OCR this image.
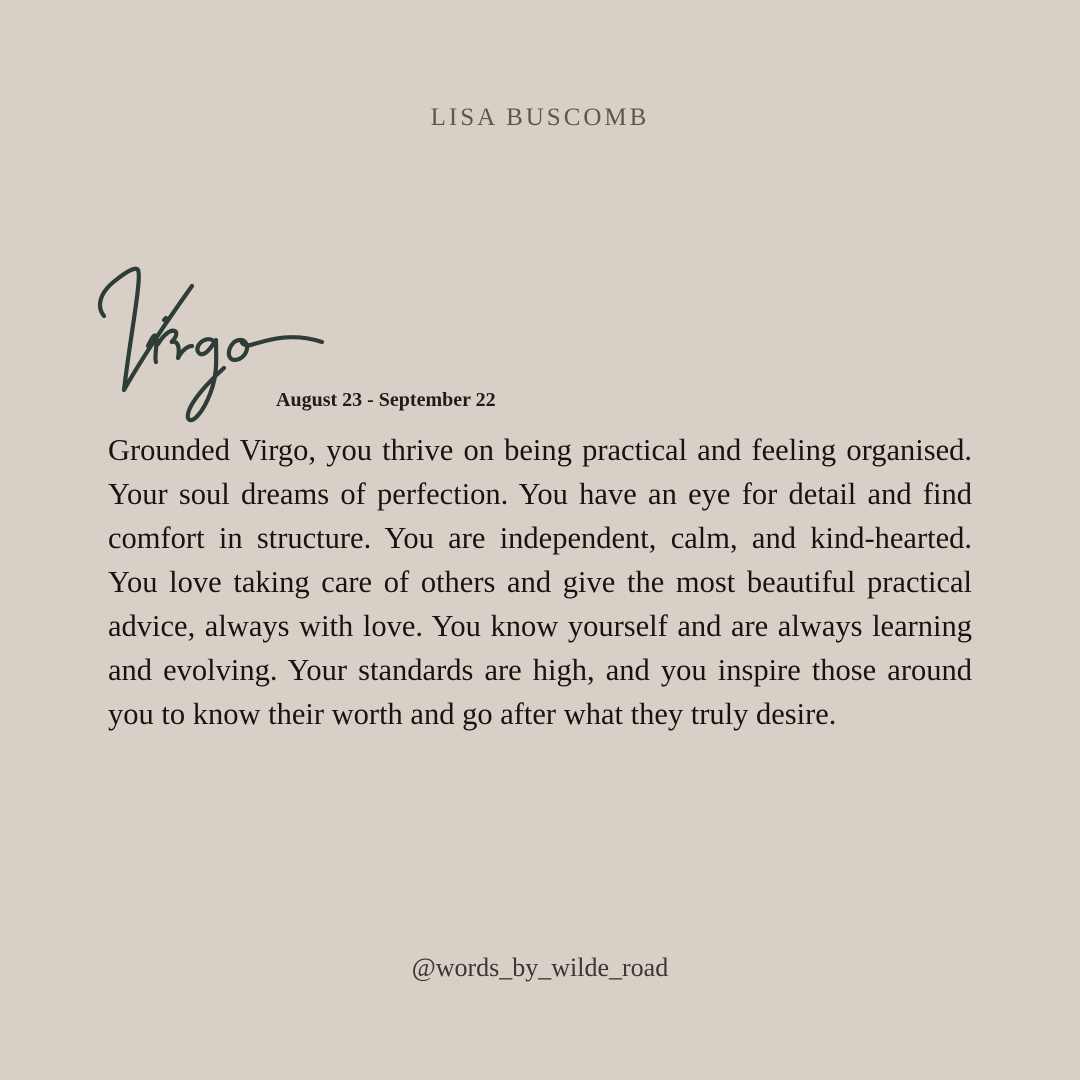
LISA BUSCOMB
August 23 - September 22
Grounded Virgo, you thrive on being practical and feeling organised. Your soul dreams of perfection. You have an eye for detail and find comfort in structure. You are independent, calm, and kind-hearted. You love taking care of others and give the most beautiful practical advice, always with love. You know yourself and are always learning and evolving. Your standards are high, and you inspire those around you to know their worth and go after what they truly desire.
@words_by_wilde_road
